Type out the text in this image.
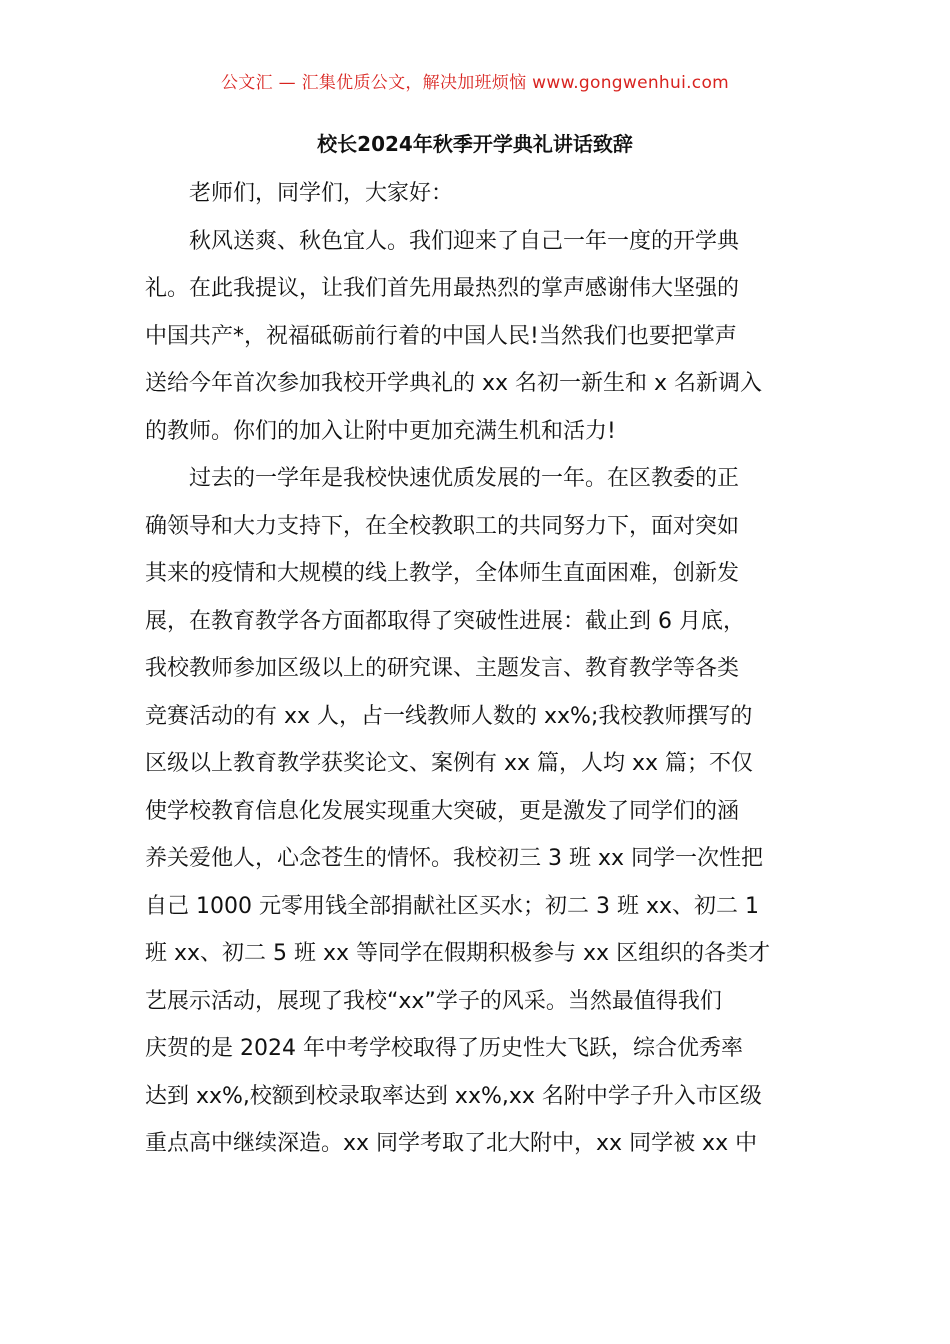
公文汇 — 汇集优质公文，解决加班烦恼 www.gongwenhui.com
校长2024年秋季开学典礼讲话致辞
老师们，同学们，大家好：
秋风送爽、秋色宜人。我们迎来了自己一年一度的开学典
礼。在此我提议，让我们首先用最热烈的掌声感谢伟大坚强的
中国共产*，祝福砥砺前行着的中国人民!当然我们也要把掌声
送给今年首次参加我校开学典礼的 xx 名初一新生和 x 名新调入
的教师。你们的加入让附中更加充满生机和活力!
过去的一学年是我校快速优质发展的一年。在区教委的正
确领导和大力支持下，在全校教职工的共同努力下，面对突如
其来的疫情和大规模的线上教学，全体师生直面困难，创新发
展，在教育教学各方面都取得了突破性进展：截止到 6 月底，
我校教师参加区级以上的研究课、主题发言、教育教学等各类
竞赛活动的有 xx 人，占一线教师人数的 xx%;我校教师撰写的
区级以上教育教学获奖论文、案例有 xx 篇，人均 xx 篇；不仅
使学校教育信息化发展实现重大突破，更是激发了同学们的涵
养关爱他人，心念苍生的情怀。我校初三 3 班 xx 同学一次性把
自己 1000 元零用钱全部捐献社区买水；初二 3 班 xx、初二 1
班 xx、初二 5 班 xx 等同学在假期积极参与 xx 区组织的各类才
艺展示活动，展现了我校“xx”学子的风采。当然最值得我们
庆贺的是 2024 年中考学校取得了历史性大飞跃，综合优秀率
达到 xx%,校额到校录取率达到 xx%,xx 名附中学子升入市区级
重点高中继续深造。xx 同学考取了北大附中，xx 同学被 xx 中
